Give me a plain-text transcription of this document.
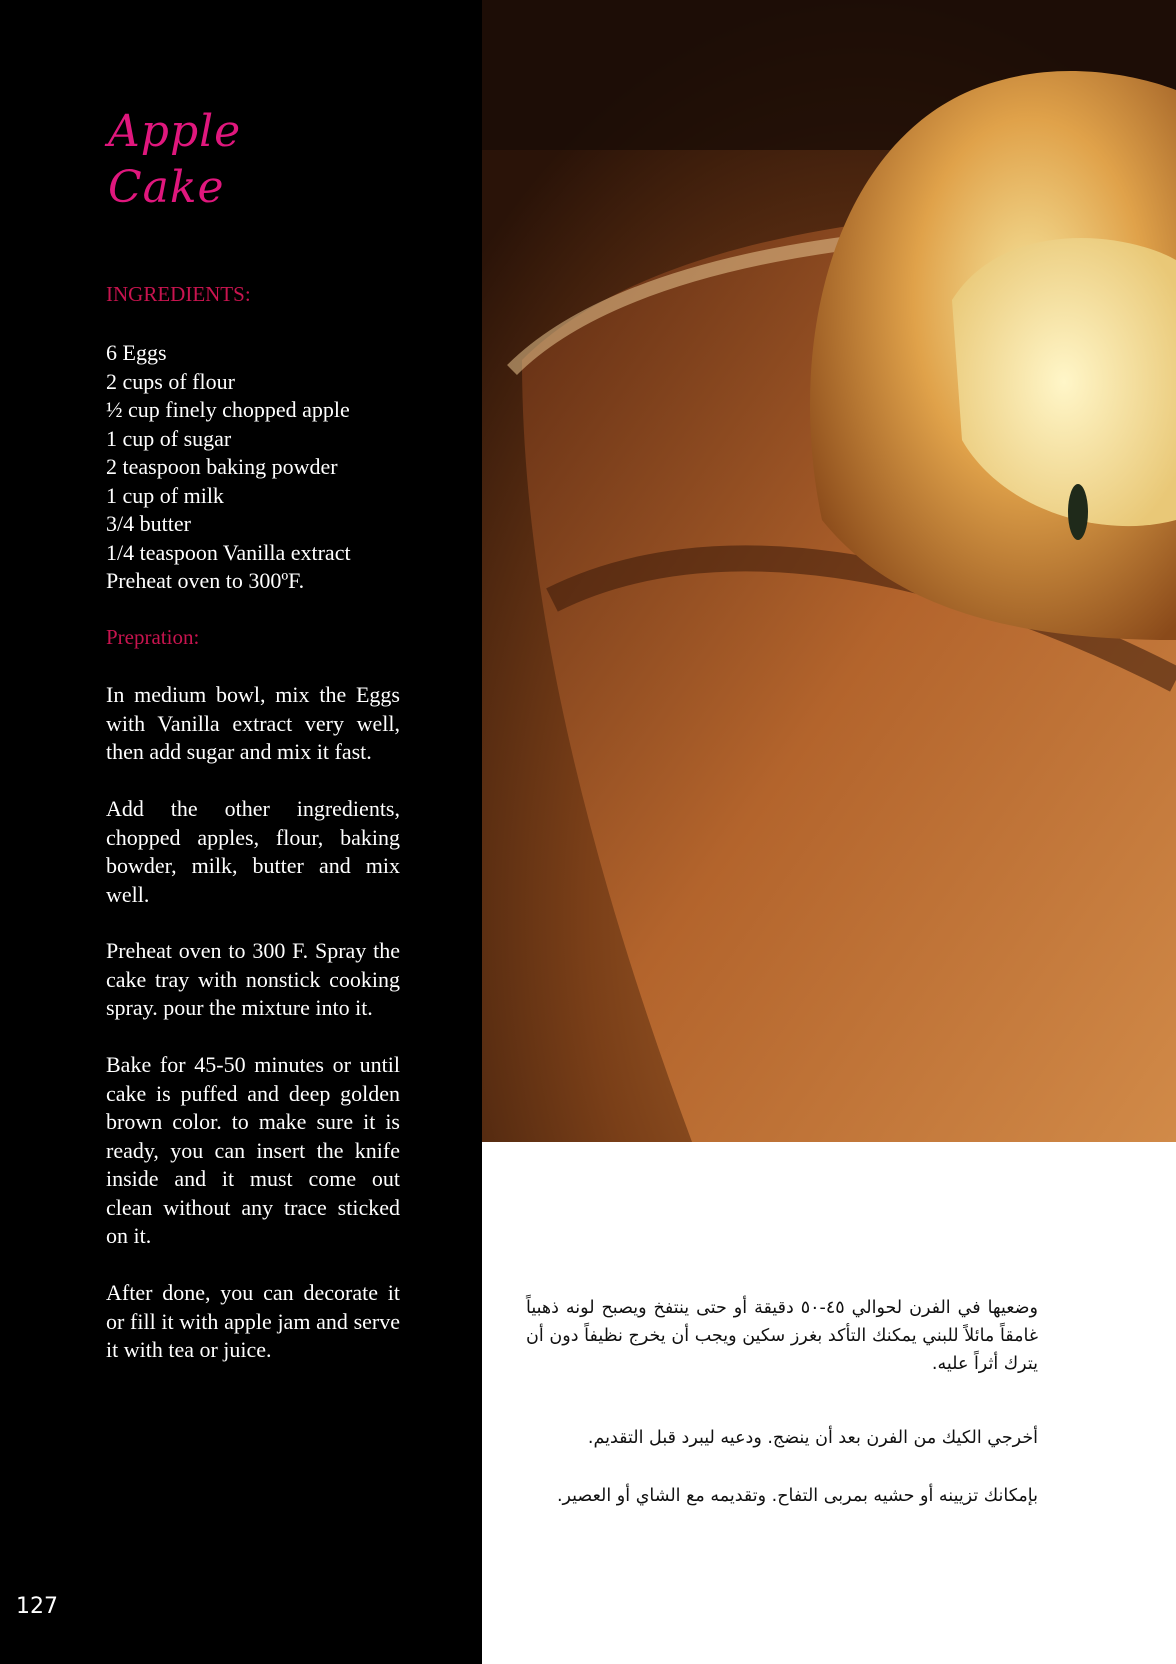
Apple
Cake
INGREDIENTS:
6 Eggs
2 cups of flour
½ cup finely chopped apple
1 cup of sugar
2 teaspoon baking powder
1 cup of milk
3/4 butter
1/4 teaspoon Vanilla extract
Preheat oven to 300ºF.
Prepration:

In medium bowl, mix the Eggs with Vanilla extract very well, then add sugar and mix it fast.

Add the other ingredients, chopped apples, flour, baking bowder, milk, butter and mix well.

Preheat oven to 300 F. Spray the cake tray with nonstick cooking spray. pour the mixture into it.

Bake for 45-50 minutes or until cake is puffed and deep golden brown color. to make sure it is ready, you can insert the knife inside and it must come out clean without any trace sticked on it.

After done, you can decorate it or fill it with apple jam and serve it with tea or juice.

127

وضعيها في الفرن لحوالي ٤٥-٥٠ دقيقة أو حتى ينتفخ ويصبح لونه ذهبياً غامقاً مائلاً للبني يمكنك التأكد بغرز سكين ويجب أن يخرج نظيفاً دون أن يترك أثراً عليه.

أخرجي الكيك من الفرن بعد أن ينضج. ودعيه ليبرد قبل التقديم.

بإمكانك تزيينه أو حشيه بمربى التفاح. وتقديمه مع الشاي أو العصير.
